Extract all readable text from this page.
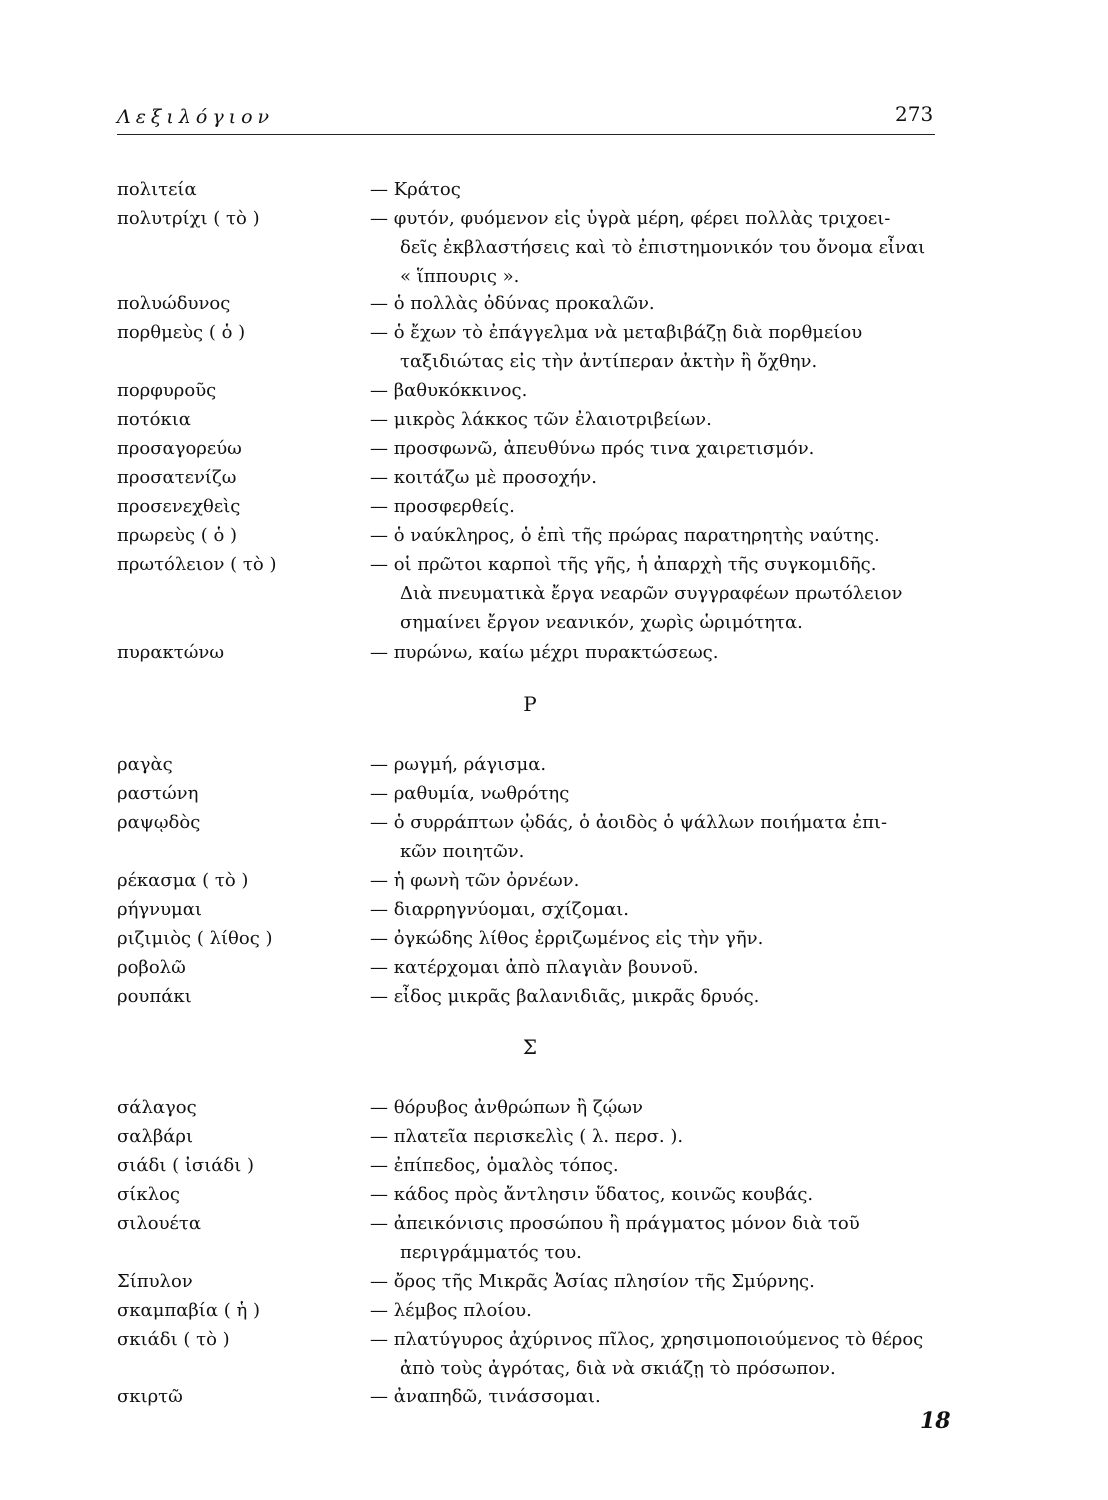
Λεξιλόγιον	273
πολιτεία	— Κράτος
πολυτρίχι ( τὸ )	— φυτόν, φυόμενον εἰς ὑγρὰ μέρη, φέρει πολλὰς τριχοει-
δεῖς ἐκβλαστήσεις καὶ τὸ ἐπιστημονικόν του ὄνομα εἶναι
« ἵππουρις ».
πολυώδυνος	— ὁ πολλὰς ὀδύνας προκαλῶν.
πορθμεὺς ( ὁ )	— ὁ ἔχων τὸ ἐπάγγελμα νὰ μεταβιβάζῃ διὰ πορθμείου
ταξιδιώτας εἰς τὴν ἀντίπεραν ἀκτὴν ἢ ὄχθην.
πορφυροῦς	— βαθυκόκκινος.
ποτόκια	— μικρὸς λάκκος τῶν ἐλαιοτριβείων.
προσαγορεύω	— προσφωνῶ, ἀπευθύνω πρός τινα χαιρετισμόν.
προσατενίζω	— κοιτάζω μὲ προσοχήν.
προσενεχθεὶς	— προσφερθείς.
πρωρεὺς ( ὁ )	— ὁ ναύκληρος, ὁ ἐπὶ τῆς πρώρας παρατηρητὴς ναύτης.
πρωτόλειον ( τὸ )	— οἱ πρῶτοι καρποὶ τῆς γῆς, ἡ ἀπαρχὴ τῆς συγκομιδῆς.
Διὰ πνευματικὰ ἔργα νεαρῶν συγγραφέων πρωτόλειον
σημαίνει ἔργον νεανικόν, χωρὶς ὡριμότητα.
πυρακτώνω	— πυρώνω, καίω μέχρι πυρακτώσεως.
Ρ
ραγὰς	— ρωγμή, ράγισμα.
ραστώνη	— ραθυμία, νωθρότης
ραψῳδὸς	— ὁ συρράπτων ᾠδάς, ὁ ἀοιδὸς ὁ ψάλλων ποιήματα ἐπι-
κῶν ποιητῶν.
ρέκασμα ( τὸ )	— ἡ φωνὴ τῶν ὀρνέων.
ρήγνυμαι	— διαρρηγνύομαι, σχίζομαι.
ριζιμιὸς ( λίθος )	— ὀγκώδης λίθος ἐρριζωμένος εἰς τὴν γῆν.
ροβολῶ	— κατέρχομαι ἀπὸ πλαγιὰν βουνοῦ.
ρουπάκι	— εἶδος μικρᾶς βαλανιδιᾶς, μικρᾶς δρυός.
Σ
σάλαγος	— θόρυβος ἀνθρώπων ἢ ζῴων
σαλβάρι	— πλατεῖα περισκελὶς ( λ. περσ. ).
σιάδι ( ἰσιάδι )	— ἐπίπεδος, ὁμαλὸς τόπος.
σίκλος	— κάδος πρὸς ἄντλησιν ὕδατος, κοινῶς κουβάς.
σιλουέτα	— ἀπεικόνισις προσώπου ἢ πράγματος μόνον διὰ τοῦ
περιγράμματός του.
Σίπυλον	— ὄρος τῆς Μικρᾶς Ἀσίας πλησίον τῆς Σμύρνης.
σκαμπαβία ( ἡ )	— λέμβος πλοίου.
σκιάδι ( τὸ )	— πλατύγυρος ἀχύρινος πῖλος, χρησιμοποιούμενος τὸ θέρος
ἀπὸ τοὺς ἀγρότας, διὰ νὰ σκιάζῃ τὸ πρόσωπον.
σκιρτῶ	— ἀναπηδῶ, τινάσσομαι.
18
